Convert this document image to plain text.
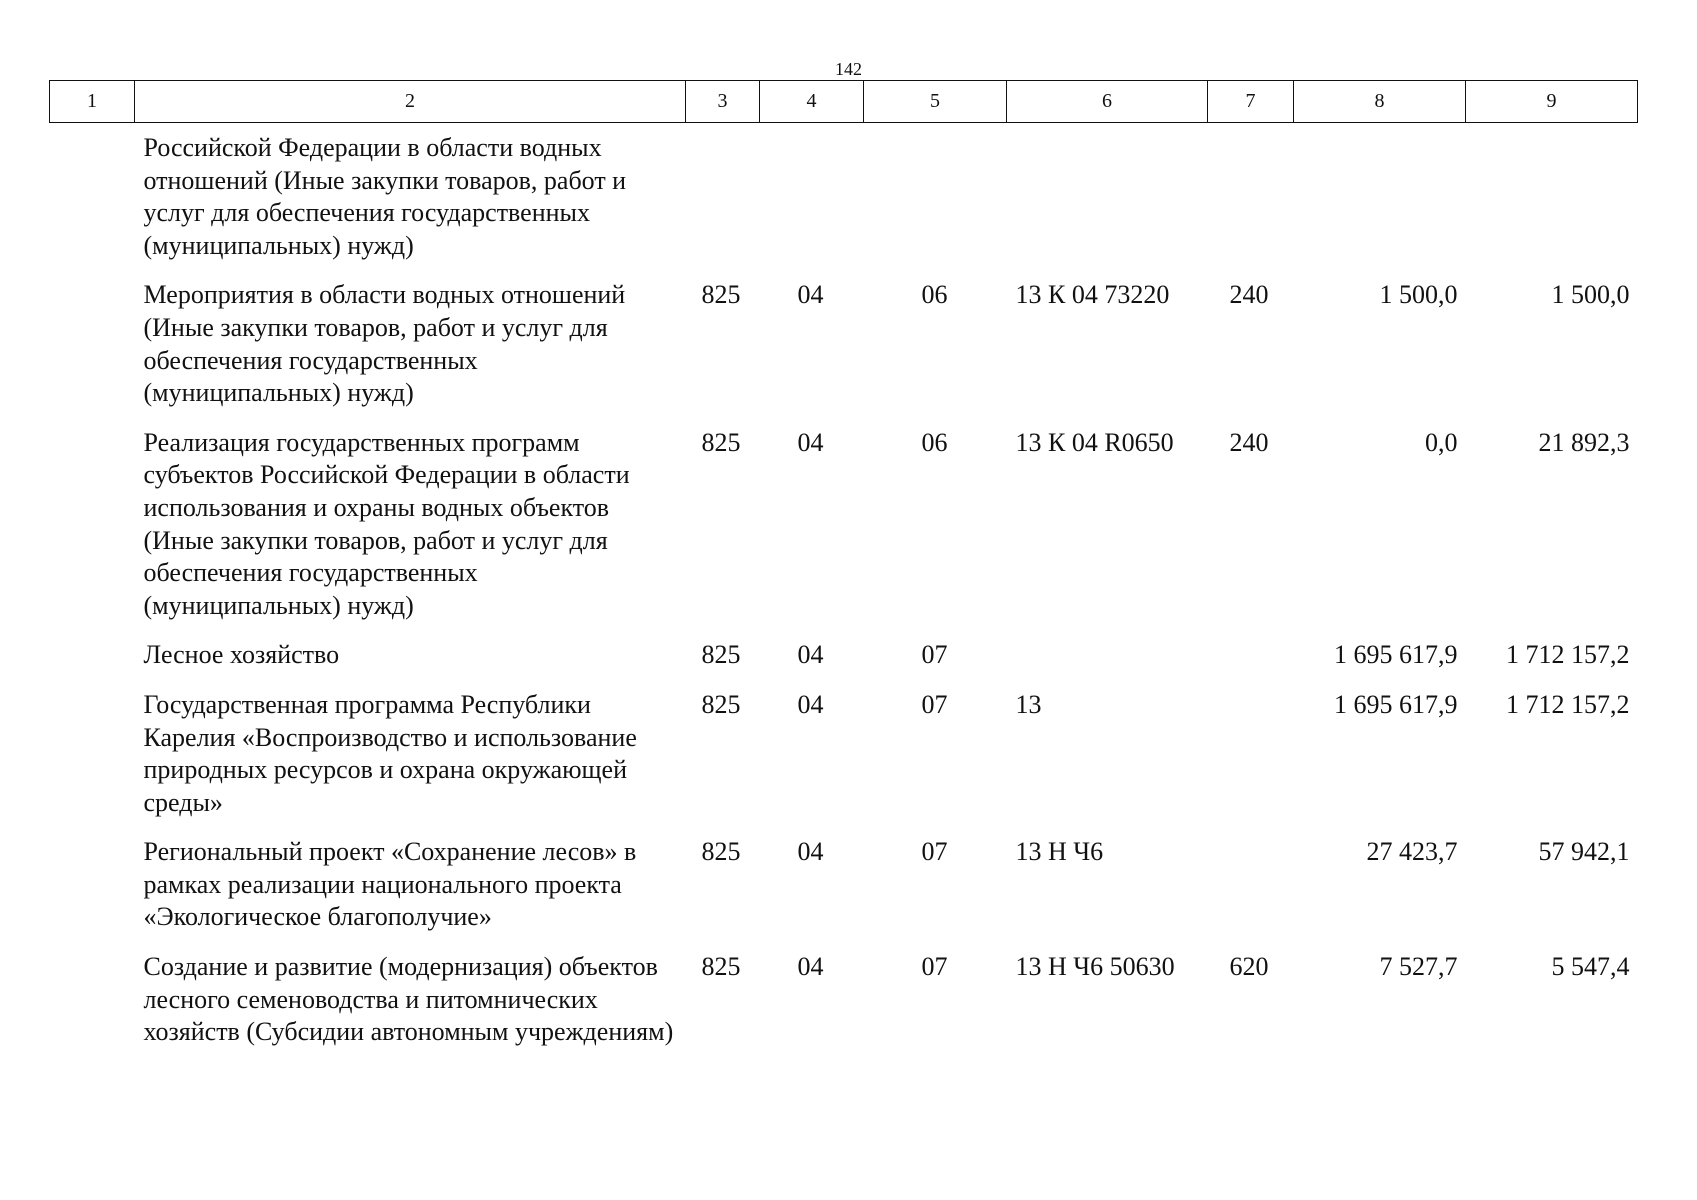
142
1	2	3	4	5	6	7	8	9
	Российской Федерации в области водных отношений (Иные закупки товаров, работ и услуг для обеспечения государственных (муниципальных) нужд)							
	Мероприятия в области водных отношений (Иные закупки товаров, работ и услуг для обеспечения государственных (муниципальных) нужд)	825	04	06	13 К 04 73220	240	1 500,0	1 500,0
	Реализация государственных программ субъектов Российской Федерации в области использования и охраны водных объектов (Иные закупки товаров, работ и услуг для обеспечения государственных (муниципальных) нужд)	825	04	06	13 К 04 R0650	240	0,0	21 892,3
	Лесное хозяйство	825	04	07			1 695 617,9	1 712 157,2
	Государственная программа Республики Карелия «Воспроизводство и использование природных ресурсов и охрана окружающей среды»	825	04	07	13		1 695 617,9	1 712 157,2
	Региональный проект «Сохранение лесов» в рамках реализации национального проекта «Экологическое благополучие»	825	04	07	13 Н Ч6		27 423,7	57 942,1
	Создание и развитие (модернизация) объектов лесного семеноводства и питомнических хозяйств (Субсидии автономным учреждениям)	825	04	07	13 Н Ч6 50630	620	7 527,7	5 547,4
